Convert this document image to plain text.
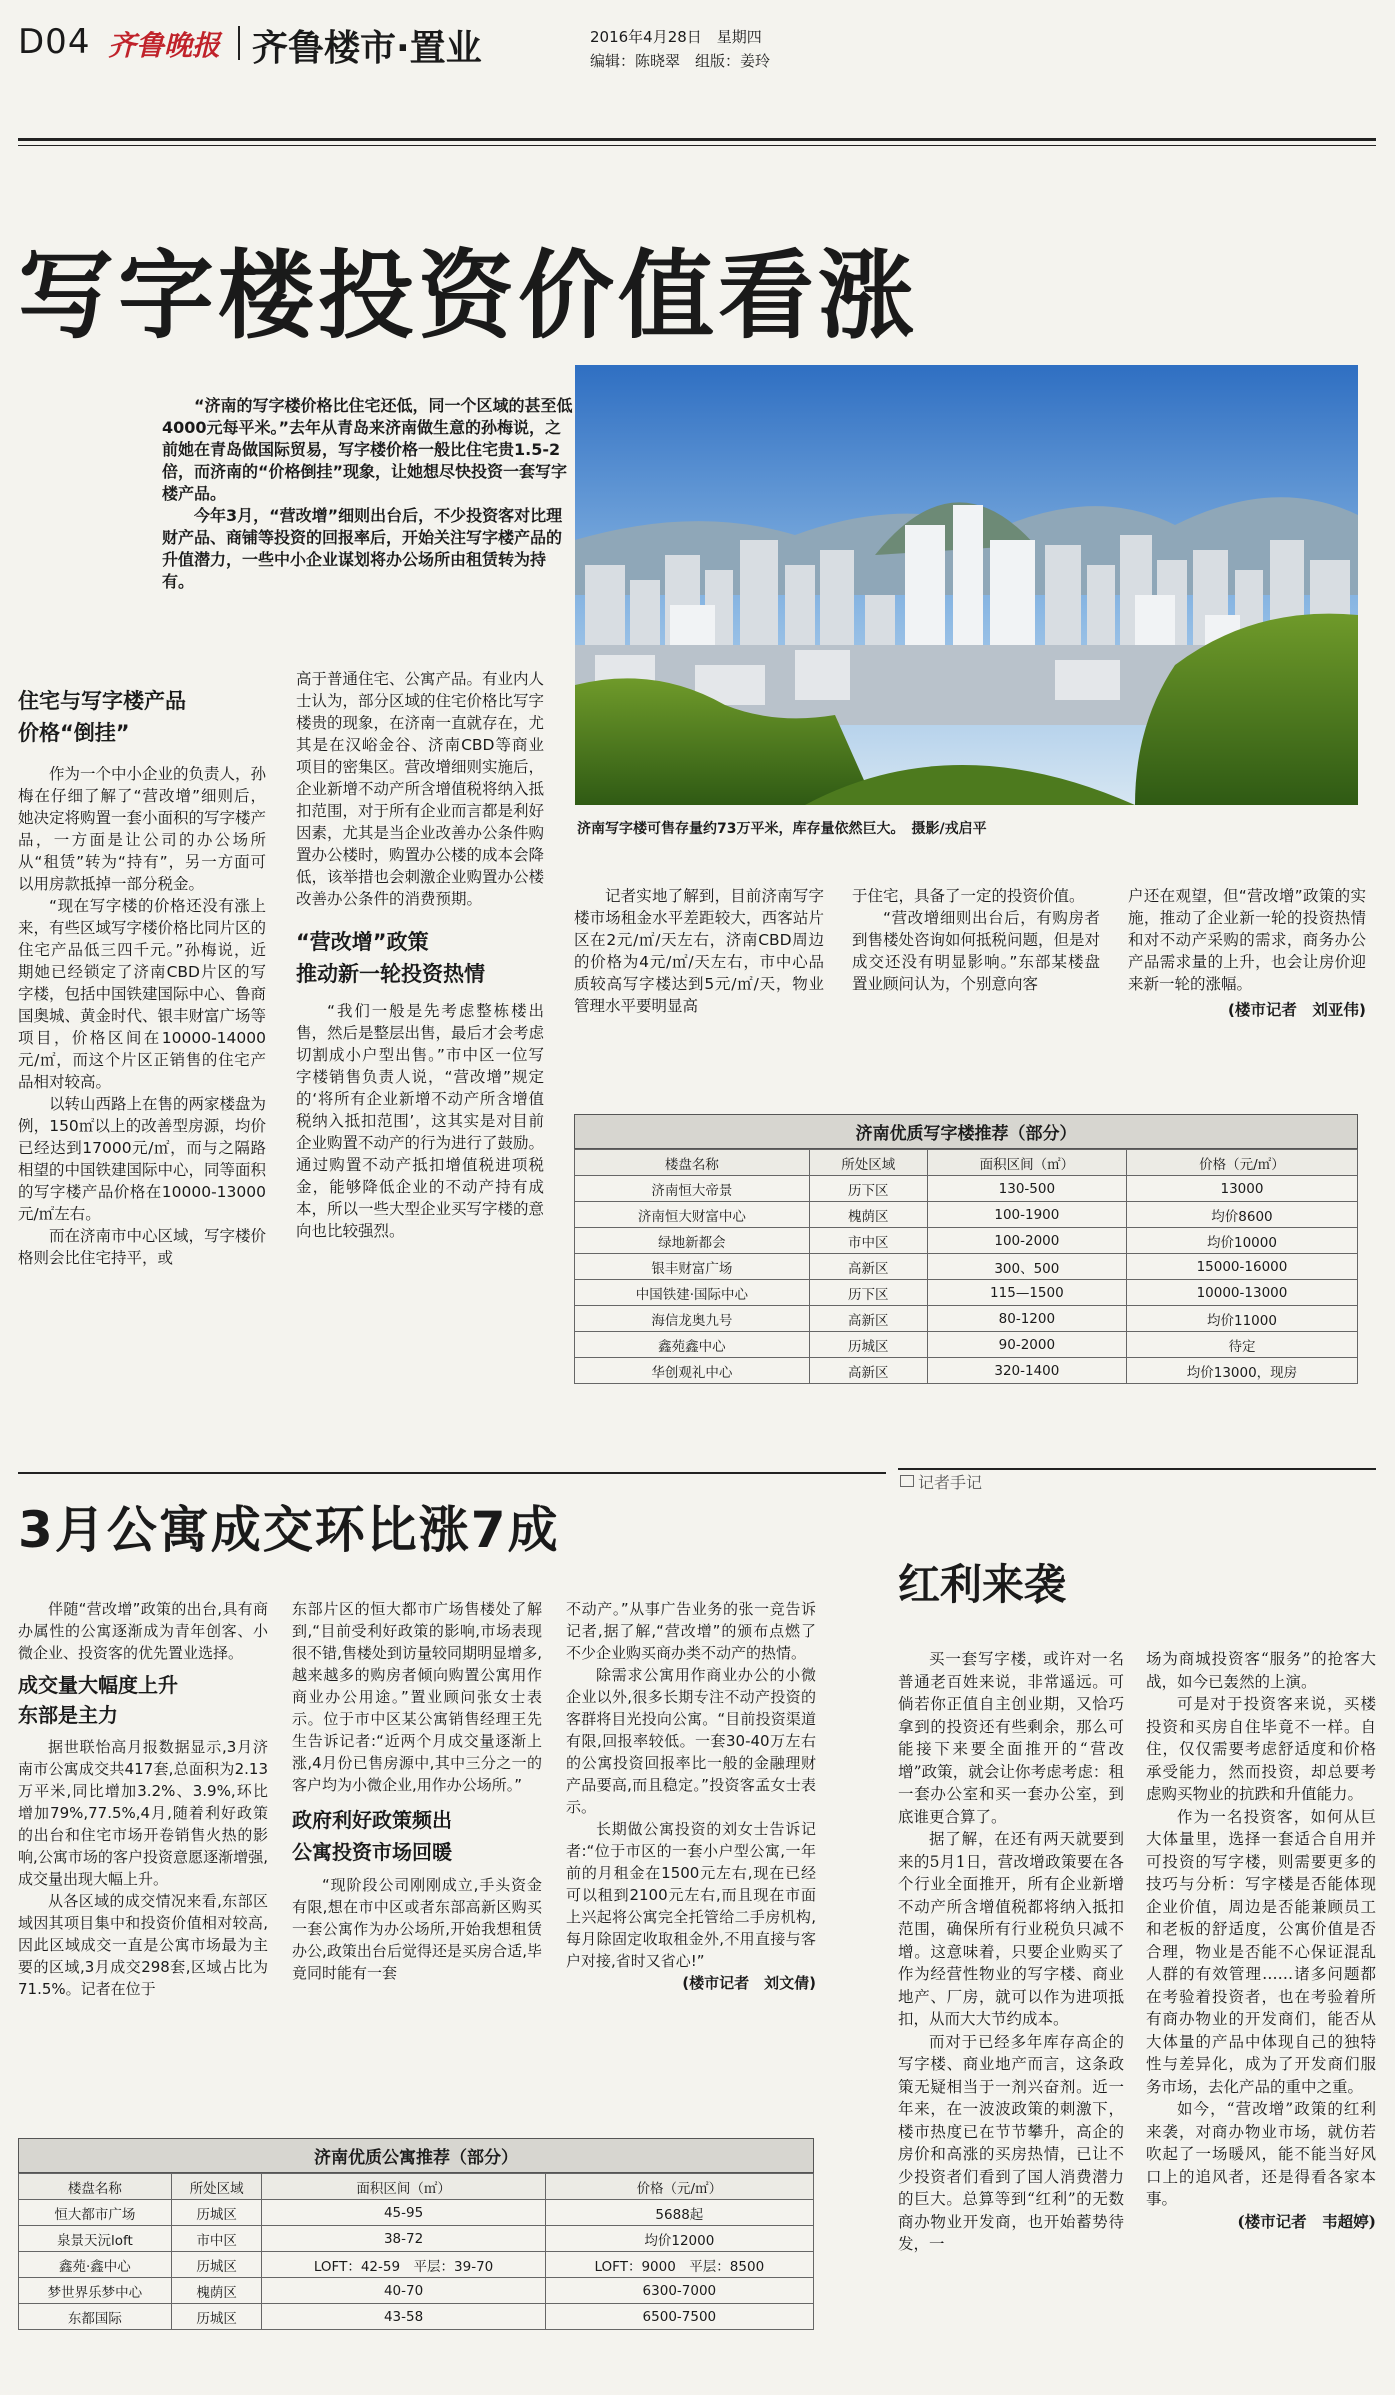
D04 齐鲁晚报 齐鲁楼市·置业	2016年4月28日　星期四
编辑：陈晓翠　组版：姜玲
写字楼投资价值看涨

“济南的写字楼价格比住宅还低，同一个区域的甚至低4000元每平米。”去年从青岛来济南做生意的孙梅说，之前她在青岛做国际贸易，写字楼价格一般比住宅贵1.5-2倍，而济南的“价格倒挂”现象，让她想尽快投资一套写字楼产品。

今年3月，“营改增”细则出台后，不少投资客对比理财产品、商铺等投资的回报率后，开始关注写字楼产品的升值潜力，一些中小企业谋划将办公场所由租赁转为持有。

济南写字楼可售存量约73万平米，库存量依然巨大。　摄影/戎启平
住宅与写字楼产品
价格“倒挂”

作为一个中小企业的负责人，孙梅在仔细了解了“营改增”细则后，她决定将购置一套小面积的写字楼产品，一方面是让公司的办公场所从“租赁”转为“持有”，另一方面可以用房款抵掉一部分税金。

“现在写字楼的价格还没有涨上来，有些区域写字楼价格比同片区的住宅产品低三四千元。”孙梅说，近期她已经锁定了济南CBD片区的写字楼，包括中国铁建国际中心、鲁商国奥城、黄金时代、银丰财富广场等项目，价格区间在10000-14000元/㎡，而这个片区正销售的住宅产品相对较高。

以转山西路上在售的两家楼盘为例，150㎡以上的改善型房源，均价已经达到17000元/㎡，而与之隔路相望的中国铁建国际中心，同等面积的写字楼产品价格在10000-13000元/㎡左右。

而在济南市中心区域，写字楼价格则会比住宅持平，或

高于普通住宅、公寓产品。有业内人士认为，部分区域的住宅价格比写字楼贵的现象，在济南一直就存在，尤其是在汉峪金谷、济南CBD等商业项目的密集区。营改增细则实施后，企业新增不动产所含增值税将纳入抵扣范围，对于所有企业而言都是利好因素，尤其是当企业改善办公条件购置办公楼时，购置办公楼的成本会降低，该举措也会刺激企业购置办公楼改善办公条件的消费预期。
“营改增”政策
推动新一轮投资热情

“我们一般是先考虑整栋楼出售，然后是整层出售，最后才会考虑切割成小户型出售。”市中区一位写字楼销售负责人说，“营改增”规定的‘将所有企业新增不动产所含增值税纳入抵扣范围’，这其实是对目前企业购置不动产的行为进行了鼓励。通过购置不动产抵扣增值税进项税金，能够降低企业的不动产持有成本，所以一些大型企业买写字楼的意向也比较强烈。

记者实地了解到，目前济南写字楼市场租金水平差距较大，西客站片区在2元/㎡/天左右，济南CBD周边的价格为4元/㎡/天左右，市中心品质较高写字楼达到5元/㎡/天，物业管理水平要明显高

于住宅，具备了一定的投资价值。

“营改增细则出台后，有购房者到售楼处咨询如何抵税问题，但是对成交还没有明显影响。”东部某楼盘置业顾问认为，个别意向客

户还在观望，但“营改增”政策的实施，推动了企业新一轮的投资热情和对不动产采购的需求，商务办公产品需求量的上升，也会让房价迎来新一轮的涨幅。
(楼市记者　刘亚伟)
济南优质写字楼推荐（部分）
楼盘名称	所处区域	面积区间（㎡）	价格（元/㎡）
济南恒大帝景	历下区	130-500	13000
济南恒大财富中心	槐荫区	100-1900	均价8600
绿地新都会	市中区	100-2000	均价10000
银丰财富广场	高新区	300、500	15000-16000
中国铁建·国际中心	历下区	115—1500	10000-13000
海信龙奥九号	高新区	80-1200	均价11000
鑫苑鑫中心	历城区	90-2000	待定
华创观礼中心	高新区	320-1400	均价13000，现房
3月公寓成交环比涨7成

伴随“营改增”政策的出台,具有商办属性的公寓逐渐成为青年创客、小微企业、投资客的优先置业选择。

成交量大幅度上升
东部是主力

据世联怡高月报数据显示,3月济南市公寓成交共417套,总面积为2.13万平米,同比增加3.2%、3.9%,环比增加79%,77.5%,4月,随着利好政策的出台和住宅市场开卷销售火热的影响,公寓市场的客户投资意愿逐渐增强,成交量出现大幅上升。

从各区域的成交情况来看,东部区域因其项目集中和投资价值相对较高,因此区域成交一直是公寓市场最为主要的区域,3月成交298套,区域占比为71.5%。记者在位于

东部片区的恒大都市广场售楼处了解到,“目前受利好政策的影响,市场表现很不错,售楼处到访量较同期明显增多,越来越多的购房者倾向购置公寓用作商业办公用途。”置业顾问张女士表示。位于市中区某公寓销售经理王先生告诉记者:“近两个月成交量逐渐上涨,4月份已售房源中,其中三分之一的客户均为小微企业,用作办公场所。”
政府利好政策频出
公寓投资市场回暖

“现阶段公司刚刚成立,手头资金有限,想在市中区或者东部高新区购买一套公寓作为办公场所,开始我想租赁办公,政策出台后觉得还是买房合适,毕竟同时能有一套

不动产。”从事广告业务的张一竞告诉记者,据了解,“营改增”的颁布点燃了不少企业购买商办类不动产的热情。

除需求公寓用作商业办公的小微企业以外,很多长期专注不动产投资的客群将目光投向公寓。“目前投资渠道有限,回报率较低。一套30-40万左右的公寓投资回报率比一般的金融理财产品要高,而且稳定。”投资客孟女士表示。

长期做公寓投资的刘女士告诉记者:“位于市区的一套小户型公寓,一年前的月租金在1500元左右,现在已经可以租到2100元左右,而且现在市面上兴起将公寓完全托管给二手房机构,每月除固定收取租金外,不用直接与客户对接,省时又省心!”

(楼市记者　刘文倩)
济南优质公寓推荐（部分）
楼盘名称	所处区域	面积区间（㎡）	价格（元/㎡）
恒大都市广场	历城区	45-95	5688起
泉景天沅loft	市中区	38-72	均价12000
鑫苑·鑫中心	历城区	LOFT：42-59　平层：39-70	LOFT：9000　平层：8500
梦世界乐梦中心	槐荫区	40-70	6300-7000
东都国际	历城区	43-58	6500-7500
记者手记
红利来袭

买一套写字楼，或许对一名普通老百姓来说，非常遥远。可倘若你正值自主创业期，又恰巧拿到的投资还有些剩余，那么可能接下来要全面推开的“营改增”政策，就会让你考虑考虑：租一套办公室和买一套办公室，到底谁更合算了。

据了解，在还有两天就要到来的5月1日，营改增政策要在各个行业全面推开，所有企业新增不动产所含增值税都将纳入抵扣范围，确保所有行业税负只减不增。这意味着，只要企业购买了作为经营性物业的写字楼、商业地产、厂房，就可以作为进项抵扣，从而大大节约成本。

而对于已经多年库存高企的写字楼、商业地产而言，这条政策无疑相当于一剂兴奋剂。近一年来，在一波波政策的刺激下，楼市热度已在节节攀升，高企的房价和高涨的买房热情，已让不少投资者们看到了国人消费潜力的巨大。总算等到“红利”的无数商办物业开发商，也开始蓄势待发，一

场为商城投资客“服务”的抢客大战，如今已轰然的上演。

可是对于投资客来说，买楼投资和买房自住毕竟不一样。自住，仅仅需要考虑舒适度和价格承受能力，然而投资，却总要考虑购买物业的抗跌和升值能力。

作为一名投资客，如何从巨大体量里，选择一套适合自用并可投资的写字楼，则需要更多的技巧与分析：写字楼是否能体现企业价值，周边是否能兼顾员工和老板的舒适度，公寓价值是否合理，物业是否能不心保证混乱人群的有效管理……诸多问题都在考验着投资者，也在考验着所有商办物业的开发商们，能否从大体量的产品中体现自己的独特性与差异化，成为了开发商们服务市场，去化产品的重中之重。

如今，“营改增”政策的红利来袭，对商办物业市场，就仿若吹起了一场暖风，能不能当好风口上的追风者，还是得看各家本事。

(楼市记者　韦超婷)
